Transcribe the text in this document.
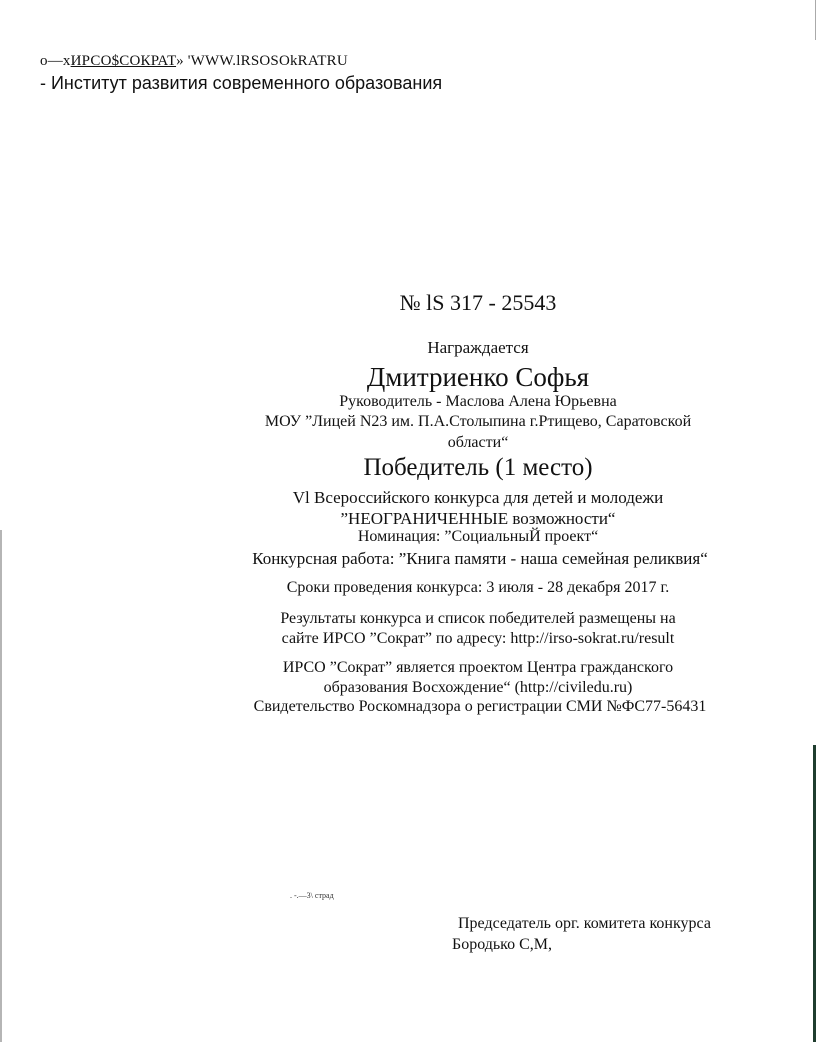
о—хИРСО$СОКРАТ» 'WWW.lRSOSOkRATRU

- Институт развития современного образования

№ lS 317 - 25543
Награждается
Дмитриенко Софья
Руководитель - Маслова Алена Юрьевна
МОУ ”Лицей N23 им. П.А.Столыпина г.Ртищево, Саратовской
области“
Победитель (1 место)
Vl Всероссийского конкурса для детей и молодежи
”НЕОГРАНИЧЕННЫЕ возможности“
Номинация: ”СоциальныЙ проект“
Конкурсная работа: ”Книга памяти - наша семейная реликвия“
Сроки проведения конкурса: 3 июля - 28 декабря 2017 г.
Результаты конкурса и список победителей размещены на
сайте ИРСО ”Сократ” по адресу: http://irso-sokrat.ru/result
ИРСО ”Сократ” является проектом Центра гражданского
образования Восхождение“ (http://civiledu.ru)
Свидетельство Роскомнадзора о регистрации СМИ №ФС77-56431
. -.—3\ страд
Председатель орг. комитета конкурса
Бородько С,М,
